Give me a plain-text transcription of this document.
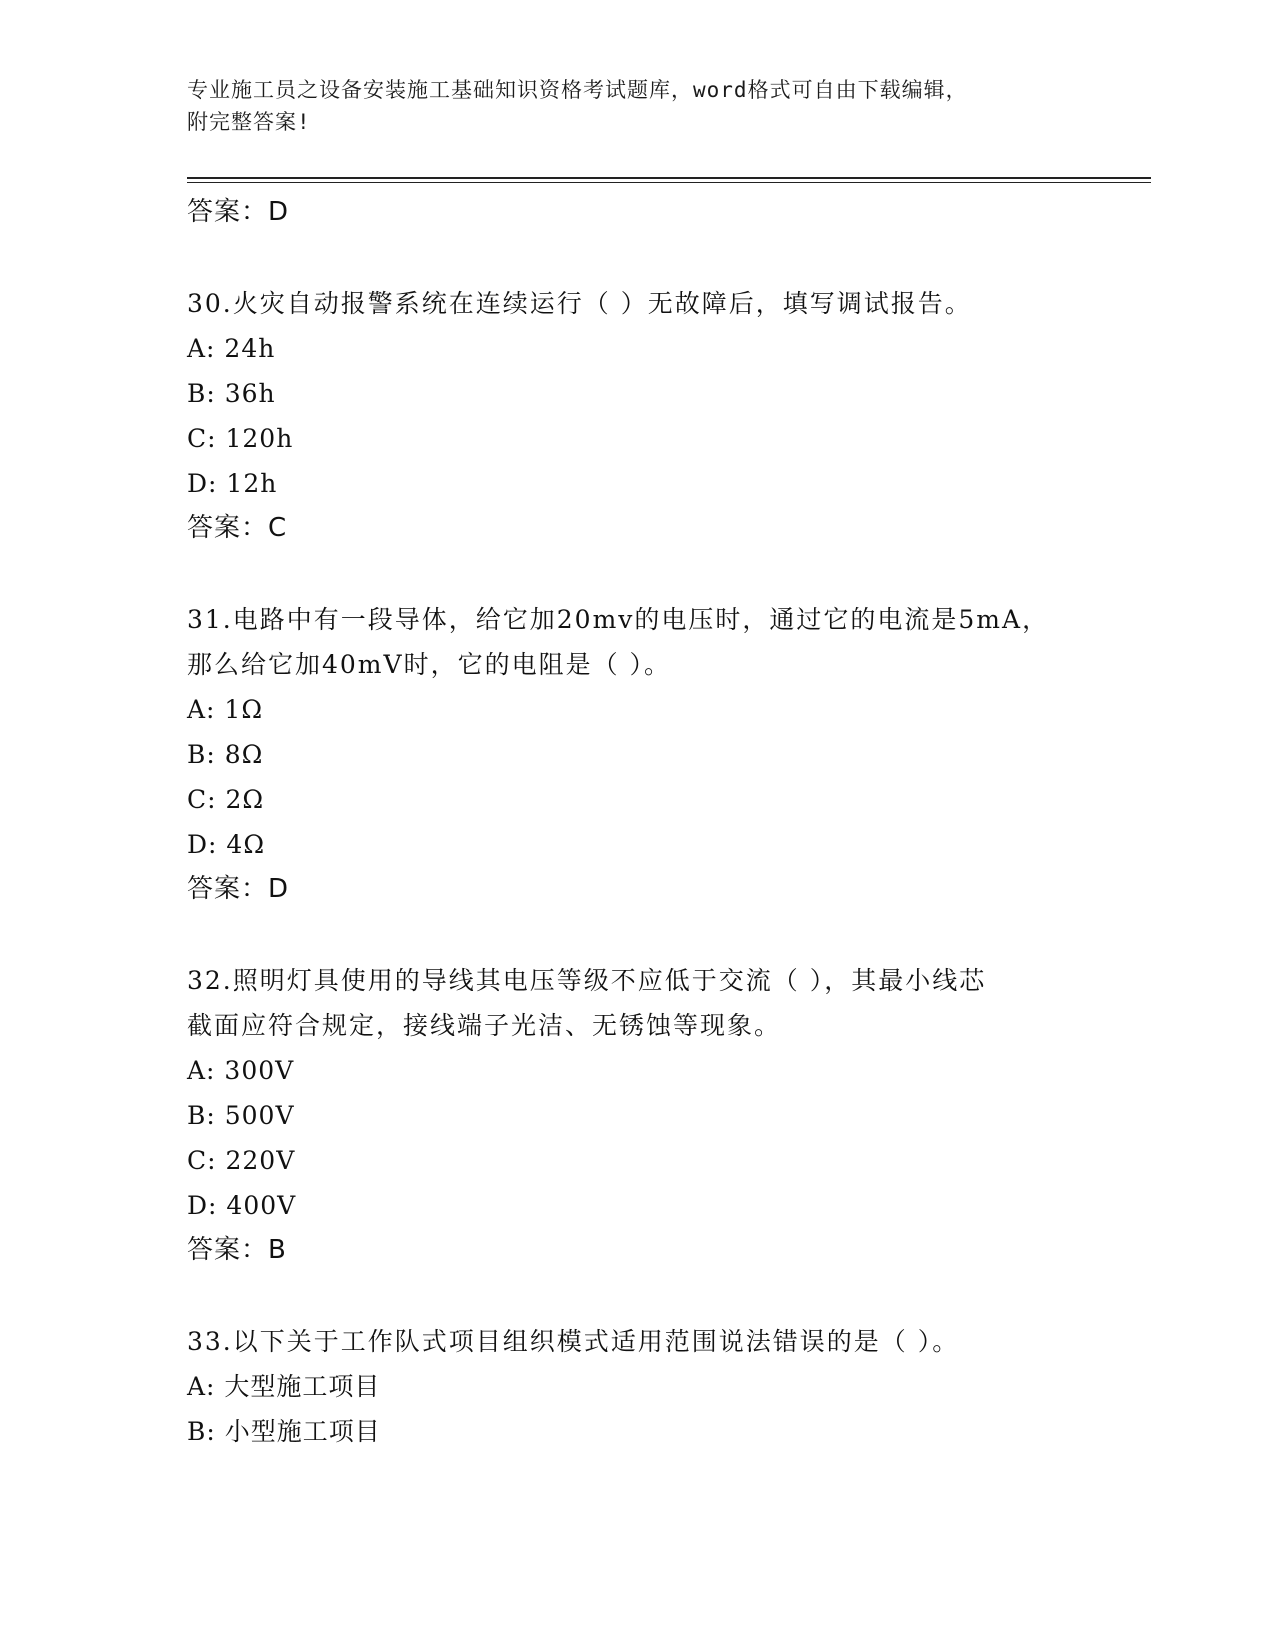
专业施工员之设备安装施工基础知识资格考试题库，word格式可自由下载编辑，
附完整答案!
答案：D
30.火灾自动报警系统在连续运行（ ）无故障后，填写调试报告。
A: 24h
B: 36h
C: 120h
D: 12h
答案：C
31.电路中有一段导体，给它加20mv的电压时，通过它的电流是5mA，
那么给它加40mV时，它的电阻是（ ）。
A: 1Ω
B: 8Ω
C: 2Ω
D: 4Ω
答案：D
32.照明灯具使用的导线其电压等级不应低于交流（ ），其最小线芯
截面应符合规定，接线端子光洁、无锈蚀等现象。
A: 300V
B: 500V
C: 220V
D: 400V
答案：B
33.以下关于工作队式项目组织模式适用范围说法错误的是（ ）。
A: 大型施工项目
B: 小型施工项目
